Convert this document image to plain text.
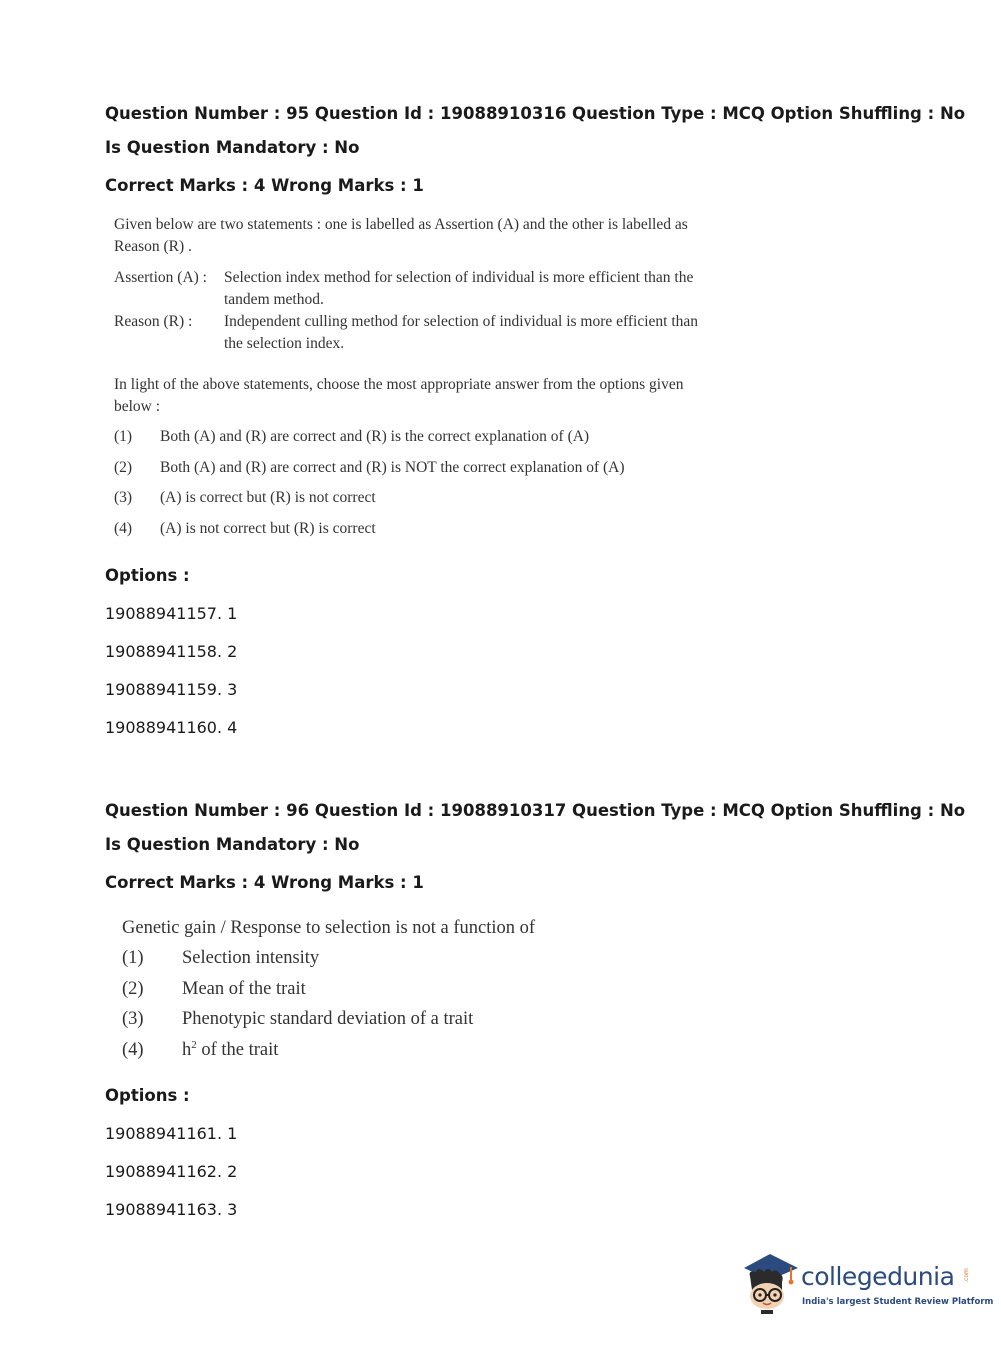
Question Number : 95 Question Id : 19088910316 Question Type : MCQ Option Shuffling : No
Is Question Mandatory : No
Correct Marks : 4 Wrong Marks : 1
Given below are two statements : one is labelled as Assertion (A) and the other is labelled as Reason (R) .
Assertion (A) :	Selection index method for selection of individual is more efficient than the tandem method.
Reason (R) :	Independent culling method for selection of individual is more efficient than the selection index.
In light of the above statements, choose the most appropriate answer from the options given below :
(1)	Both (A) and (R) are correct and (R) is the correct explanation of (A)
(2)	Both (A) and (R) are correct and (R) is NOT the correct explanation of (A)
(3)	(A) is correct but (R) is not correct
(4)	(A) is not correct but (R) is correct
Options :
19088941157. 1
19088941158. 2
19088941159. 3
19088941160. 4
Question Number : 96 Question Id : 19088910317 Question Type : MCQ Option Shuffling : No
Is Question Mandatory : No
Correct Marks : 4 Wrong Marks : 1
Genetic gain / Response to selection is not a function of
(1)	Selection intensity
(2)	Mean of the trait
(3)	Phenotypic standard deviation of a trait
(4)	$h^2$ of the trait
Options :
19088941161. 1
19088941162. 2
19088941163. 3
collegedunia .com
India's largest Student Review Platform
